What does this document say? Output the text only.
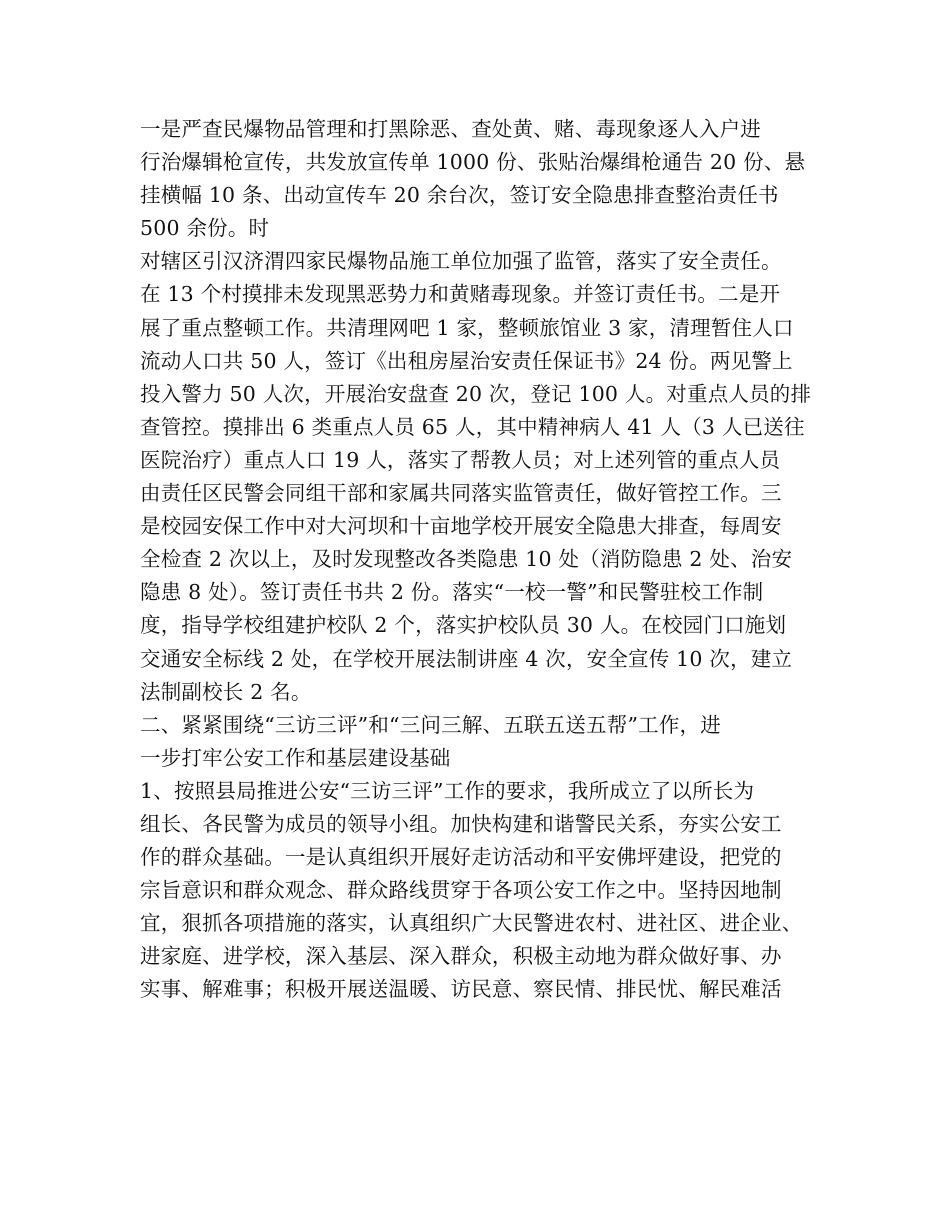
一是严查民爆物品管理和打黑除恶、查处黄、赌、毒现象逐人入户进
行治爆辑枪宣传，共发放宣传单 1000 份、张贴治爆缉枪通告 20 份、悬
挂横幅 10 条、出动宣传车 20 余台次，签订安全隐患排查整治责任书
500 余份。时
对辖区引汉济渭四家民爆物品施工单位加强了监管，落实了安全责任。
在 13 个村摸排未发现黑恶势力和黄赌毒现象。并签订责任书。二是开
展了重点整顿工作。共清理网吧 1 家，整顿旅馆业 3 家，清理暂住人口
流动人口共 50 人，签订《出租房屋治安责任保证书》24 份。两见警上
投入警力 50 人次，开展治安盘查 20 次，登记 100 人。对重点人员的排
查管控。摸排出 6 类重点人员 65 人，其中精神病人 41 人（3 人已送往
医院治疗）重点人口 19 人，落实了帮教人员；对上述列管的重点人员
由责任区民警会同组干部和家属共同落实监管责任，做好管控工作。三
是校园安保工作中对大河坝和十亩地学校开展安全隐患大排查，每周安
全检查 2 次以上，及时发现整改各类隐患 10 处（消防隐患 2 处、治安
隐患 8 处）。签订责任书共 2 份。落实“一校一警”和民警驻校工作制
度，指导学校组建护校队 2 个，落实护校队员 30 人。在校园门口施划
交通安全标线 2 处，在学校开展法制讲座 4 次，安全宣传 10 次，建立
法制副校长 2 名。
二、紧紧围绕“三访三评”和“三问三解、五联五送五帮”工作，进
一步打牢公安工作和基层建设基础
1、按照县局推进公安“三访三评”工作的要求，我所成立了以所长为
组长、各民警为成员的领导小组。加快构建和谐警民关系，夯实公安工
作的群众基础。一是认真组织开展好走访活动和平安佛坪建设，把党的
宗旨意识和群众观念、群众路线贯穿于各项公安工作之中。坚持因地制
宜，狠抓各项措施的落实，认真组织广大民警进农村、进社区、进企业、
进家庭、进学校，深入基层、深入群众，积极主动地为群众做好事、办
实事、解难事；积极开展送温暖、访民意、察民情、排民忧、解民难活
